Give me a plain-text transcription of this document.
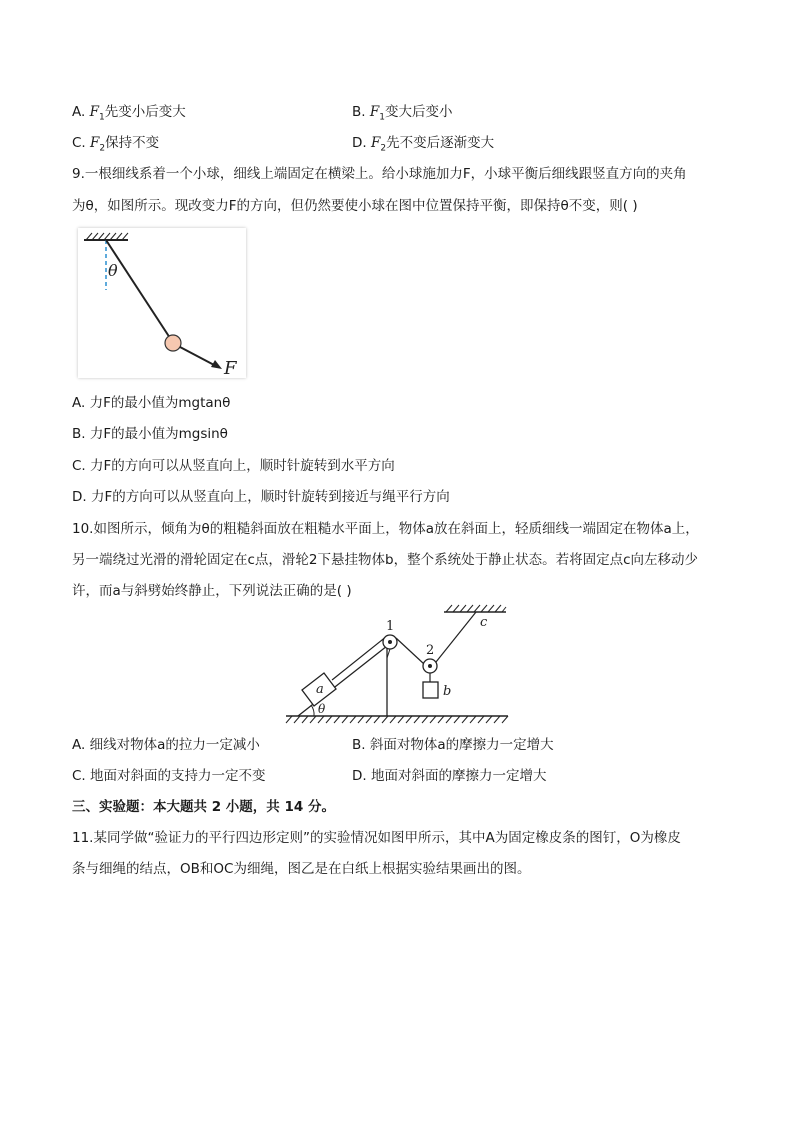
A. $F_1$先变小后变大	B. $F_1$变大后变小
C. $F_2$保持不变	D. $F_2$先不变后逐渐变大
9.一根细线系着一个小球，细线上端固定在横梁上。给小球施加力F，小球平衡后细线跟竖直方向的夹角
为θ，如图所示。现改变力F的方向，但仍然要使小球在图中位置保持平衡，即保持θ不变，则( )
θ
F
A. 力F的最小值为mgtanθ
B. 力F的最小值为mgsinθ
C. 力F的方向可以从竖直向上，顺时针旋转到水平方向
D. 力F的方向可以从竖直向上，顺时针旋转到接近与绳平行方向
10.如图所示，倾角为θ的粗糙斜面放在粗糙水平面上，物体a放在斜面上，轻质细线一端固定在物体a上，
另一端绕过光滑的滑轮固定在c点，滑轮2下悬挂物体b，整个系统处于静止状态。若将固定点c向左移动少
许，而a与斜劈始终静止，下列说法正确的是( )
θ
a
1
2
c
b
A. 细线对物体a的拉力一定减小	B. 斜面对物体a的摩擦力一定增大
C. 地面对斜面的支持力一定不变	D. 地面对斜面的摩擦力一定增大
三、实验题：本大题共 2 小题，共 14 分。
11.某同学做“验证力的平行四边形定则”的实验情况如图甲所示，其中A为固定橡皮条的图钉，O为橡皮
条与细绳的结点，OB和OC为细绳，图乙是在白纸上根据实验结果画出的图。
